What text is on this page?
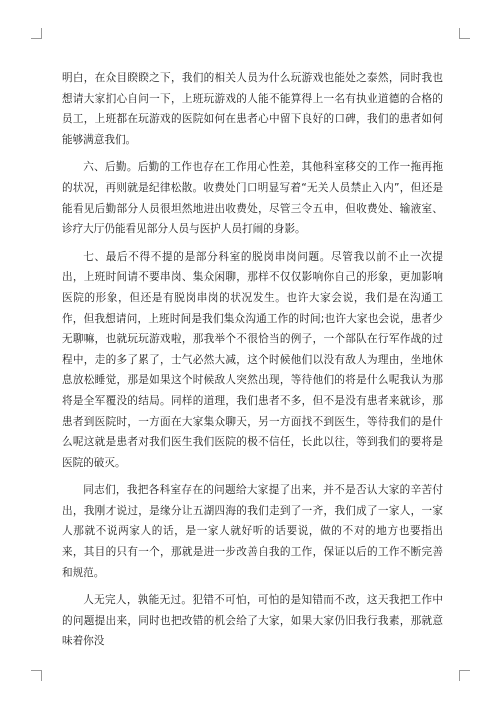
明白，在众目睽睽之下，我们的相关人员为什么玩游戏也能处之泰然，同时我也想请大家扪心自问一下，上班玩游戏的人能不能算得上一名有执业道德的合格的员工，上班都在玩游戏的医院如何在患者心中留下良好的口碑，我们的患者如何能够满意我们。

六、后勤。后勤的工作也存在工作用心性差，其他科室移交的工作一拖再拖的状况，再则就是纪律松散。收费处门口明显写着“无关人员禁止入内”，但还是能看见后勤部分人员很坦然地进出收费处，尽管三令五申，但收费处、输液室、诊疗大厅仍能看见部分人员与医护人员打闹的身影。

七、最后不得不提的是部分科室的脱岗串岗问题。尽管我以前不止一次提出，上班时间请不要串岗、集众闲聊，那样不仅仅影响你自己的形象，更加影响医院的形象，但还是有脱岗串岗的状况发生。也许大家会说，我们是在沟通工作，但我想请问，上班时间是我们集众沟通工作的时间;也许大家也会说，患者少无聊嘛，也就玩玩游戏啦，那我举个不很恰当的例子，一个部队在行军作战的过程中，走的多了累了，士气必然大减，这个时候他们以没有敌人为理由，坐地休息放松睡觉，那是如果这个时候敌人突然出现，等待他们的将是什么呢我认为那将是全军覆没的结局。同样的道理，我们患者不多，但不是没有患者来就诊，那患者到医院时，一方面在大家集众聊天，另一方面找不到医生，等待我们的是什么呢这就是患者对我们医生我们医院的极不信任，长此以往，等到我们的要将是医院的破灭。

同志们，我把各科室存在的问题给大家提了出来，并不是否认大家的辛苦付出，我刚才说过，是缘分让五湖四海的我们走到了一齐，我们成了一家人，一家人那就不说两家人的话，是一家人就好听的话要说，做的不对的地方也要指出来，其目的只有一个，那就是进一步改善自我的工作，保证以后的工作不断完善和规范。

人无完人，孰能无过。犯错不可怕，可怕的是知错而不改，这天我把工作中的问题提出来，同时也把改错的机会给了大家，如果大家仍旧我行我素，那就意味着你没
